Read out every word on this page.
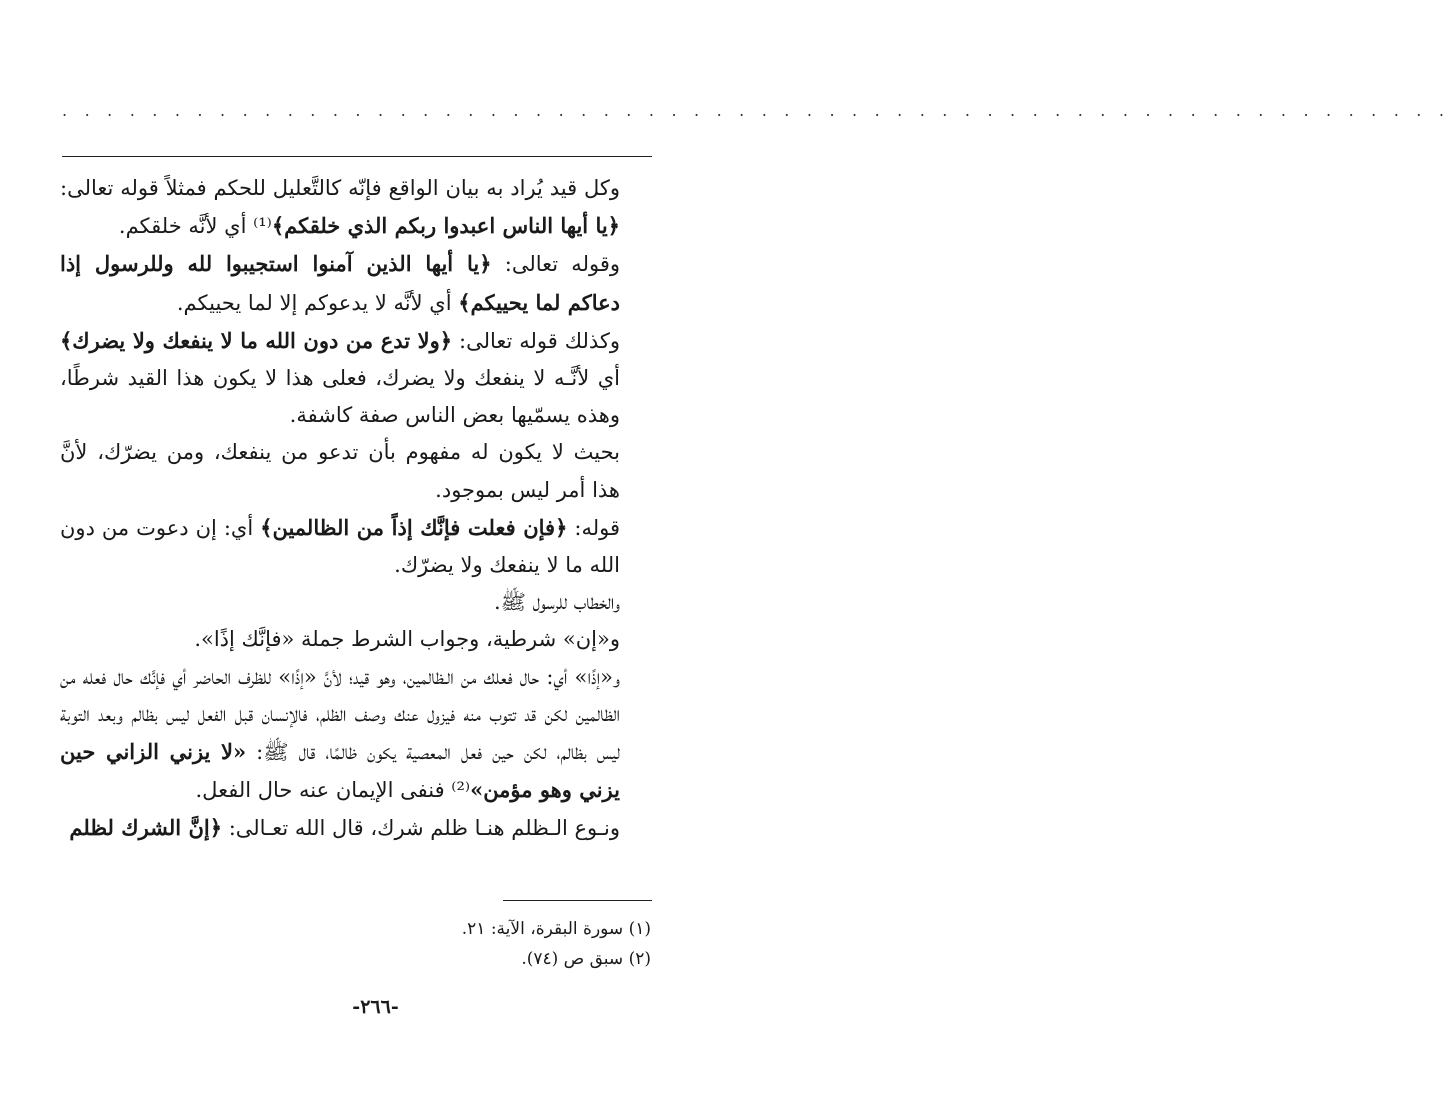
. . . . . . . . . . . . . . . . . . . . . . . . . . . . . . . . . . . . . . . . . . . . . . . . . . . . . . . . . . . . . .

وكل قيد يُراد به بيان الواقع فإنّه كالتَّعليل للحكم فمثلاً قوله تعالى: ﴿يا أيها الناس اعبدوا ربكم الذي خلقكم﴾⁽¹⁾ أي لأنَّه خلقكم.

وقوله تعالى: ﴿يا أيها الذين آمنوا استجيبوا لله وللرسول إذا دعاكم لما يحييكم﴾ أي لأنَّه لا يدعوكم إلا لما يحييكم.

وكذلك قوله تعالى: ﴿ولا تدع من دون الله ما لا ينفعك ولا يضرك﴾ أي لأنَّـه لا ينفعك ولا يضرك، فعلى هذا لا يكون هذا القيد شرطًا، وهذه يسمّيها بعض الناس صفة كاشفة.

بحيث لا يكون له مفهوم بأن تدعو من ينفعك، ومن يضرّك، لأنَّ هذا أمر ليس بموجود.

قوله: ﴿فإن فعلت فإنَّك إذاً من الظالمين﴾ أي: إن دعوت من دون الله ما لا ينفعك ولا يضرّك.

والخطاب للرسول ﷺ.

و«إن» شرطية، وجواب الشرط جملة «فإنَّك إذًا».

و«إذًا» أي: حال فعلك من الـظالمين، وهو قيد؛ لأنَّ «إذًا» للظرف الحاضر أي فإنَّك حال فعله من الظالمين لكن قد تتوب منه فيزول عنك وصف الظلم، فالإنسان قبل الفعل ليس بظالم وبعد التوبة ليس بظالم، لكن حين فعل المعصية يكون ظالمًا، قال ﷺ: «لا يزني الزاني حين يزني وهو مؤمن»⁽²⁾ فنفى الإيمان عنه حال الفعل.

ونـوع الـظلم هنـا ظلم شرك، قال الله تعـالى: ﴿إنَّ الشرك لظلم

(١) سورة البقرة، الآية: ٢١.

(٢) سبق ص (٧٤).

-٢٦٦-
